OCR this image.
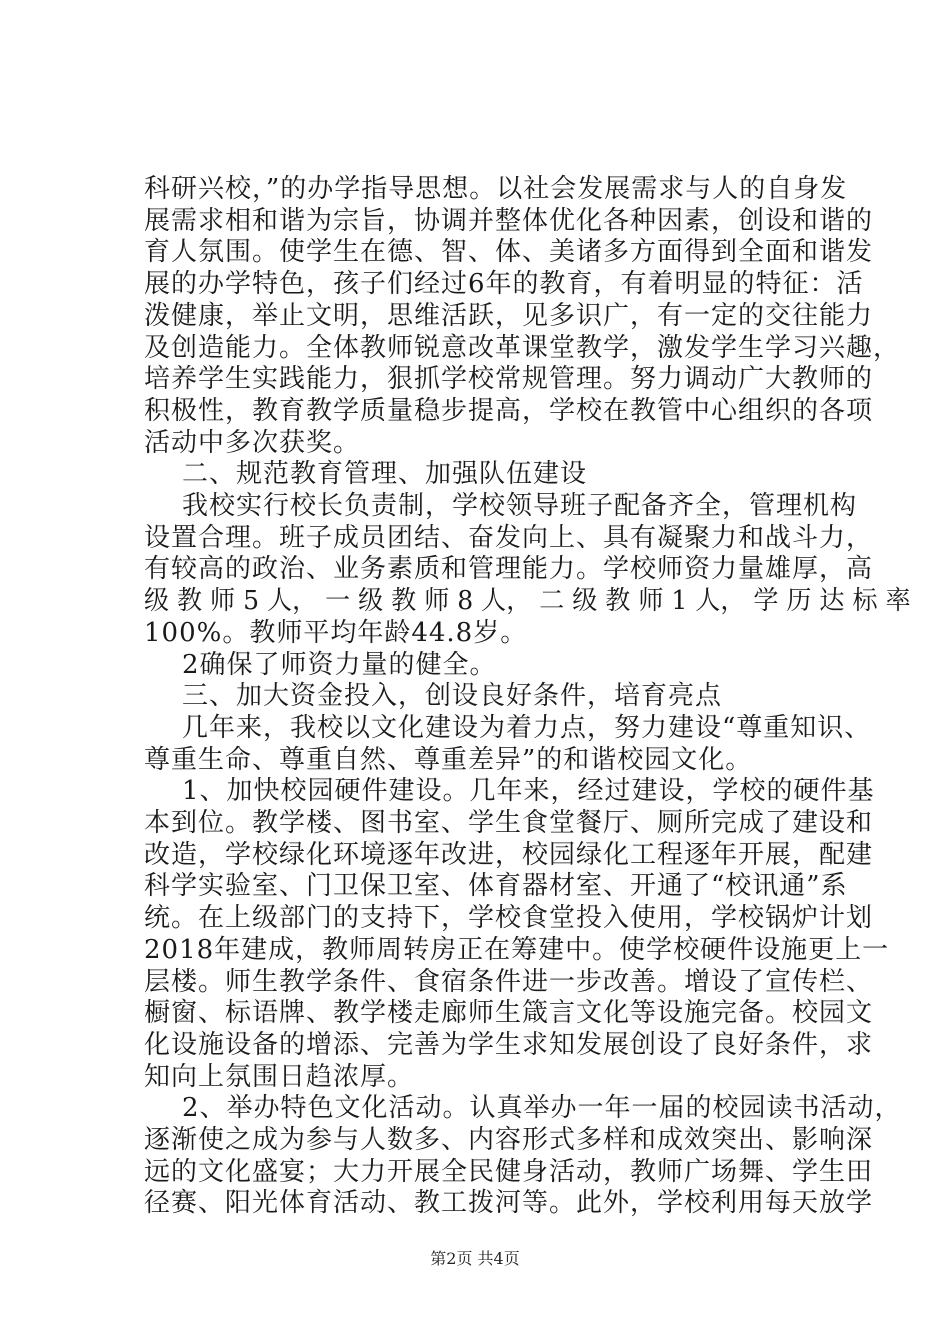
科研兴校，”的办学指导思想。以社会发展需求与人的自身发
展需求相和谐为宗旨，协调并整体优化各种因素，创设和谐的
育人氛围。使学生在德、智、体、美诸多方面得到全面和谐发
展的办学特色，孩子们经过6年的教育，有着明显的特征：活
泼健康，举止文明，思维活跃，见多识广，有一定的交往能力
及创造能力。全体教师锐意改革课堂教学，激发学生学习兴趣，
培养学生实践能力，狠抓学校常规管理。努力调动广大教师的
积极性，教育教学质量稳步提高，学校在教管中心组织的各项
活动中多次获奖。
二、规范教育管理、加强队伍建设
我校实行校长负责制，学校领导班子配备齐全，管理机构
设置合理。班子成员团结、奋发向上、具有凝聚力和战斗力，
有较高的政治、业务素质和管理能力。学校师资力量雄厚，高
级 教 师 5 人， 一 级 教 师 8 人， 二 级 教 师 1 人， 学 历 达 标 率
100%。教师平均年龄44.8岁。
2确保了师资力量的健全。
三、加大资金投入，创设良好条件，培育亮点
几年来，我校以文化建设为着力点，努力建设“尊重知识、
尊重生命、尊重自然、尊重差异”的和谐校园文化。
1、加快校园硬件建设。几年来，经过建设，学校的硬件基
本到位。教学楼、图书室、学生食堂餐厅、厕所完成了建设和
改造，学校绿化环境逐年改进，校园绿化工程逐年开展，配建
科学实验室、门卫保卫室、体育器材室、开通了“校讯通”系
统。在上级部门的支持下，学校食堂投入使用，学校锅炉计划
2018年建成，教师周转房正在筹建中。使学校硬件设施更上一
层楼。师生教学条件、食宿条件进一步改善。增设了宣传栏、
橱窗、标语牌、教学楼走廊师生箴言文化等设施完备。校园文
化设施设备的增添、完善为学生求知发展创设了良好条件，求
知向上氛围日趋浓厚。
2、举办特色文化活动。认真举办一年一届的校园读书活动，
逐渐使之成为参与人数多、内容形式多样和成效突出、影响深
远的文化盛宴；大力开展全民健身活动，教师广场舞、学生田
径赛、阳光体育活动、教工拨河等。此外，学校利用每天放学
第2页 共4页
